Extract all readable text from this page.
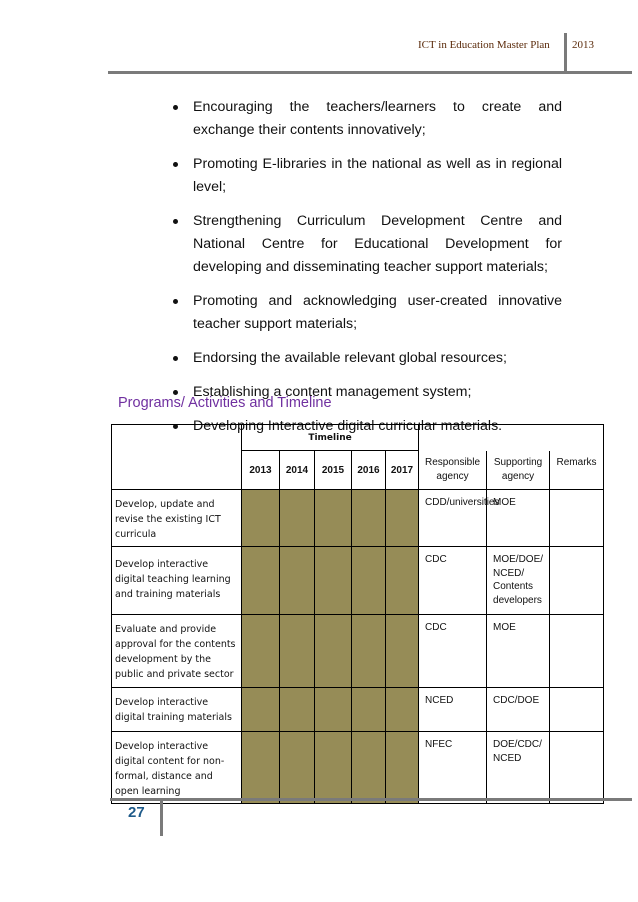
ICT in Education Master Plan 2013
Encouraging the teachers/learners to create and exchange their contents innovatively;
Promoting E-libraries in the national as well as in regional level;
Strengthening Curriculum Development Centre and National Centre for Educational Development for developing and disseminating teacher support materials;
Promoting and acknowledging user-created innovative teacher support materials;
Endorsing the available relevant global resources;
Establishing a content management system;
Developing Interactive digital curricular materials.
Programs/ Activities and Timeline
	Timeline							
	2013	2014	2015	2016	2017	Responsible agency	Supporting agency	Remarks
Develop, update and revise the existing ICT curricula						CDD/universities	MOE	
Develop interactive digital teaching learning and training materials						CDC	MOE/DOE/ NCED/ Contents developers	
Evaluate and provide approval for the contents development by the public and private sector						CDC	MOE	
Develop interactive digital training materials						NCED	CDC/DOE	
Develop interactive digital content for non- formal, distance and open learning						NFEC	DOE/CDC/ NCED	
27
